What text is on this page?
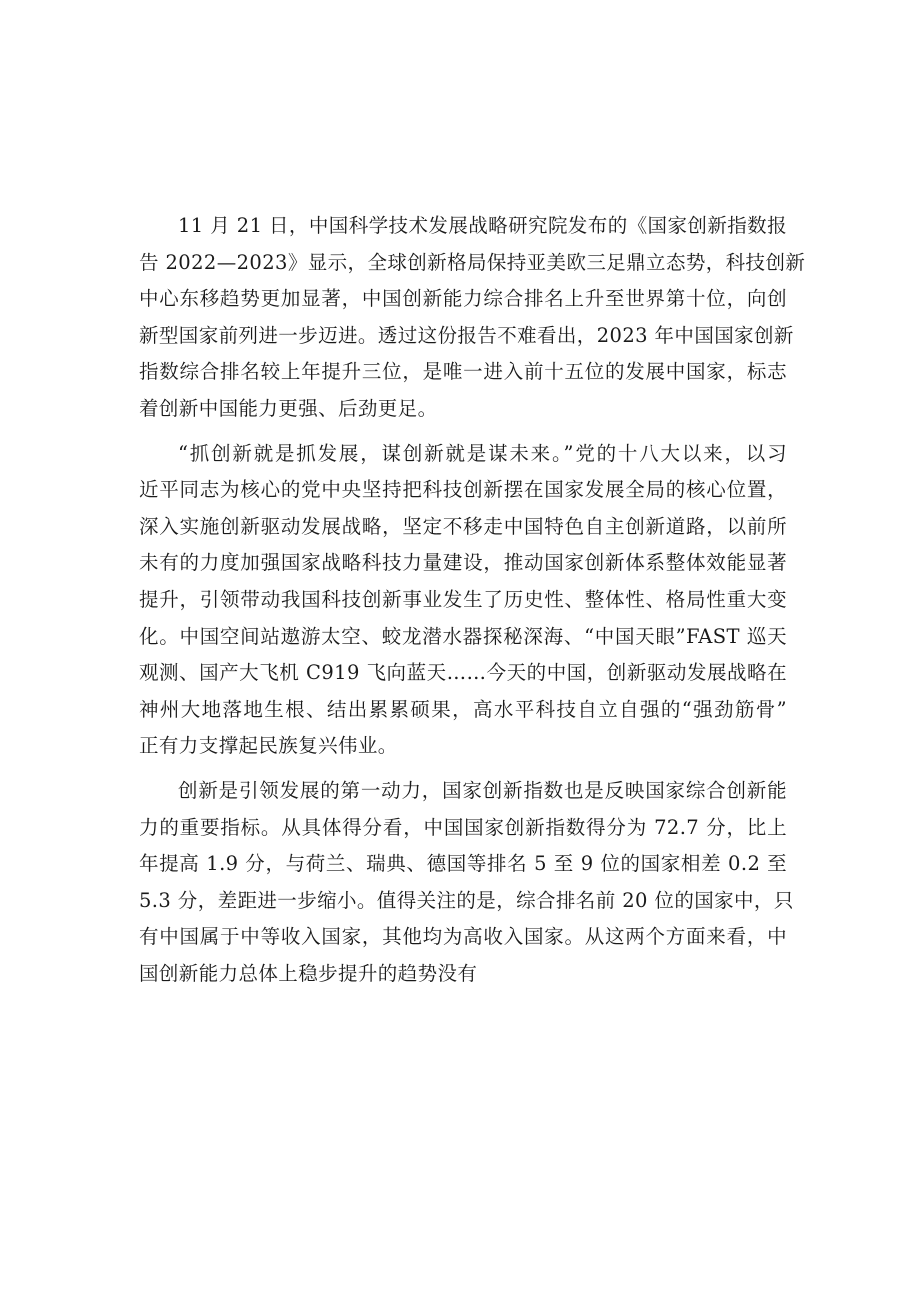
11 月 21 日，中国科学技术发展战略研究院发布的《国家创新指数报
告 2022—2023》显示，全球创新格局保持亚美欧三足鼎立态势，科技创新
中心东移趋势更加显著，中国创新能力综合排名上升至世界第十位，向创
新型国家前列进一步迈进。透过这份报告不难看出，2023 年中国国家创新
指数综合排名较上年提升三位，是唯一进入前十五位的发展中国家，标志
着创新中国能力更强、后劲更足。
“抓创新就是抓发展，谋创新就是谋未来。”党的十八大以来，以习
近平同志为核心的党中央坚持把科技创新摆在国家发展全局的核心位置，
深入实施创新驱动发展战略，坚定不移走中国特色自主创新道路，以前所
未有的力度加强国家战略科技力量建设，推动国家创新体系整体效能显著
提升，引领带动我国科技创新事业发生了历史性、整体性、格局性重大变
化。中国空间站遨游太空、蛟龙潜水器探秘深海、“中国天眼”FAST 巡天
观测、国产大飞机 C919 飞向蓝天……今天的中国，创新驱动发展战略在
神州大地落地生根、结出累累硕果，高水平科技自立自强的“强劲筋骨”
正有力支撑起民族复兴伟业。
创新是引领发展的第一动力，国家创新指数也是反映国家综合创新能
力的重要指标。从具体得分看，中国国家创新指数得分为 72.7 分，比上
年提高 1.9 分，与荷兰、瑞典、德国等排名 5 至 9 位的国家相差 0.2 至
5.3 分，差距进一步缩小。值得关注的是，综合排名前 20 位的国家中，只
有中国属于中等收入国家，其他均为高收入国家。从这两个方面来看，中
国创新能力总体上稳步提升的趋势没有
